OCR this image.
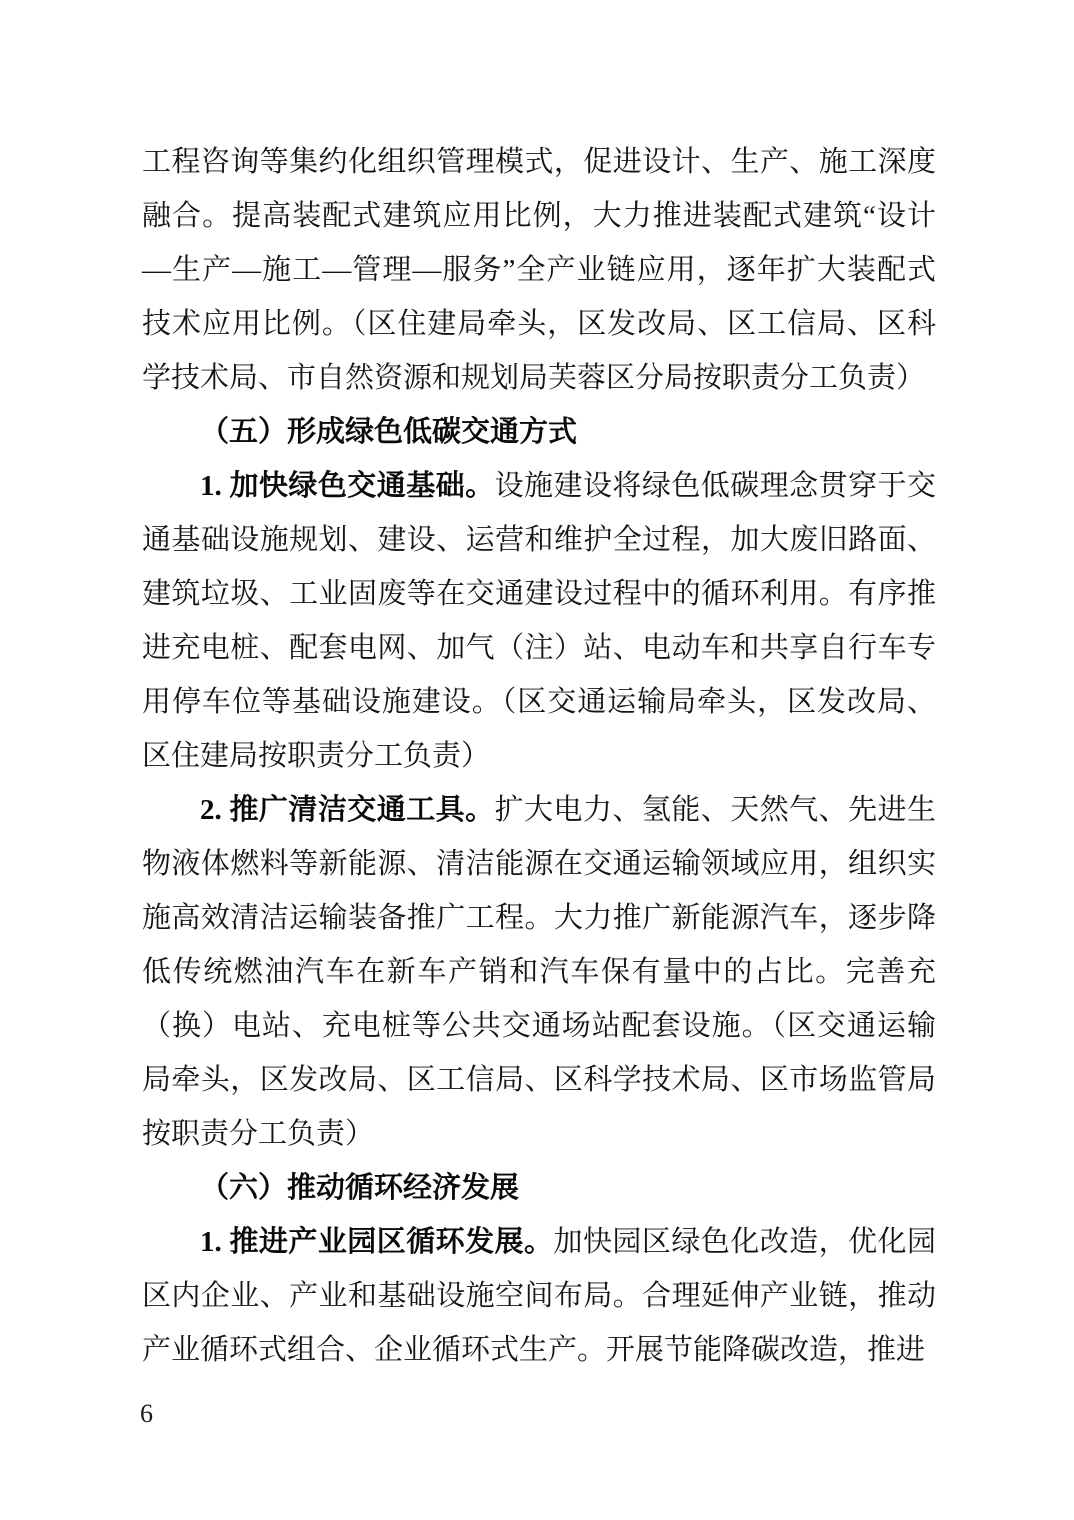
工程咨询等集约化组织管理模式，促进设计、生产、施工深度融合。提高装配式建筑应用比例，大力推进装配式建筑“设计—生产—施工—管理—服务”全产业链应用，逐年扩大装配式技术应用比例。（区住建局牵头，区发改局、区工信局、区科学技术局、市自然资源和规划局芙蓉区分局按职责分工负责）

（五）形成绿色低碳交通方式

1. 加快绿色交通基础。设施建设将绿色低碳理念贯穿于交通基础设施规划、建设、运营和维护全过程，加大废旧路面、建筑垃圾、工业固废等在交通建设过程中的循环利用。有序推进充电桩、配套电网、加气（注）站、电动车和共享自行车专用停车位等基础设施建设。（区交通运输局牵头，区发改局、区住建局按职责分工负责）

2. 推广清洁交通工具。扩大电力、氢能、天然气、先进生物液体燃料等新能源、清洁能源在交通运输领域应用，组织实施高效清洁运输装备推广工程。大力推广新能源汽车，逐步降低传统燃油汽车在新车产销和汽车保有量中的占比。完善充（换）电站、充电桩等公共交通场站配套设施。（区交通运输局牵头，区发改局、区工信局、区科学技术局、区市场监管局按职责分工负责）

（六）推动循环经济发展

1. 推进产业园区循环发展。加快园区绿色化改造，优化园区内企业、产业和基础设施空间布局。合理延伸产业链，推动产业循环式组合、企业循环式生产。开展节能降碳改造，推进

6
